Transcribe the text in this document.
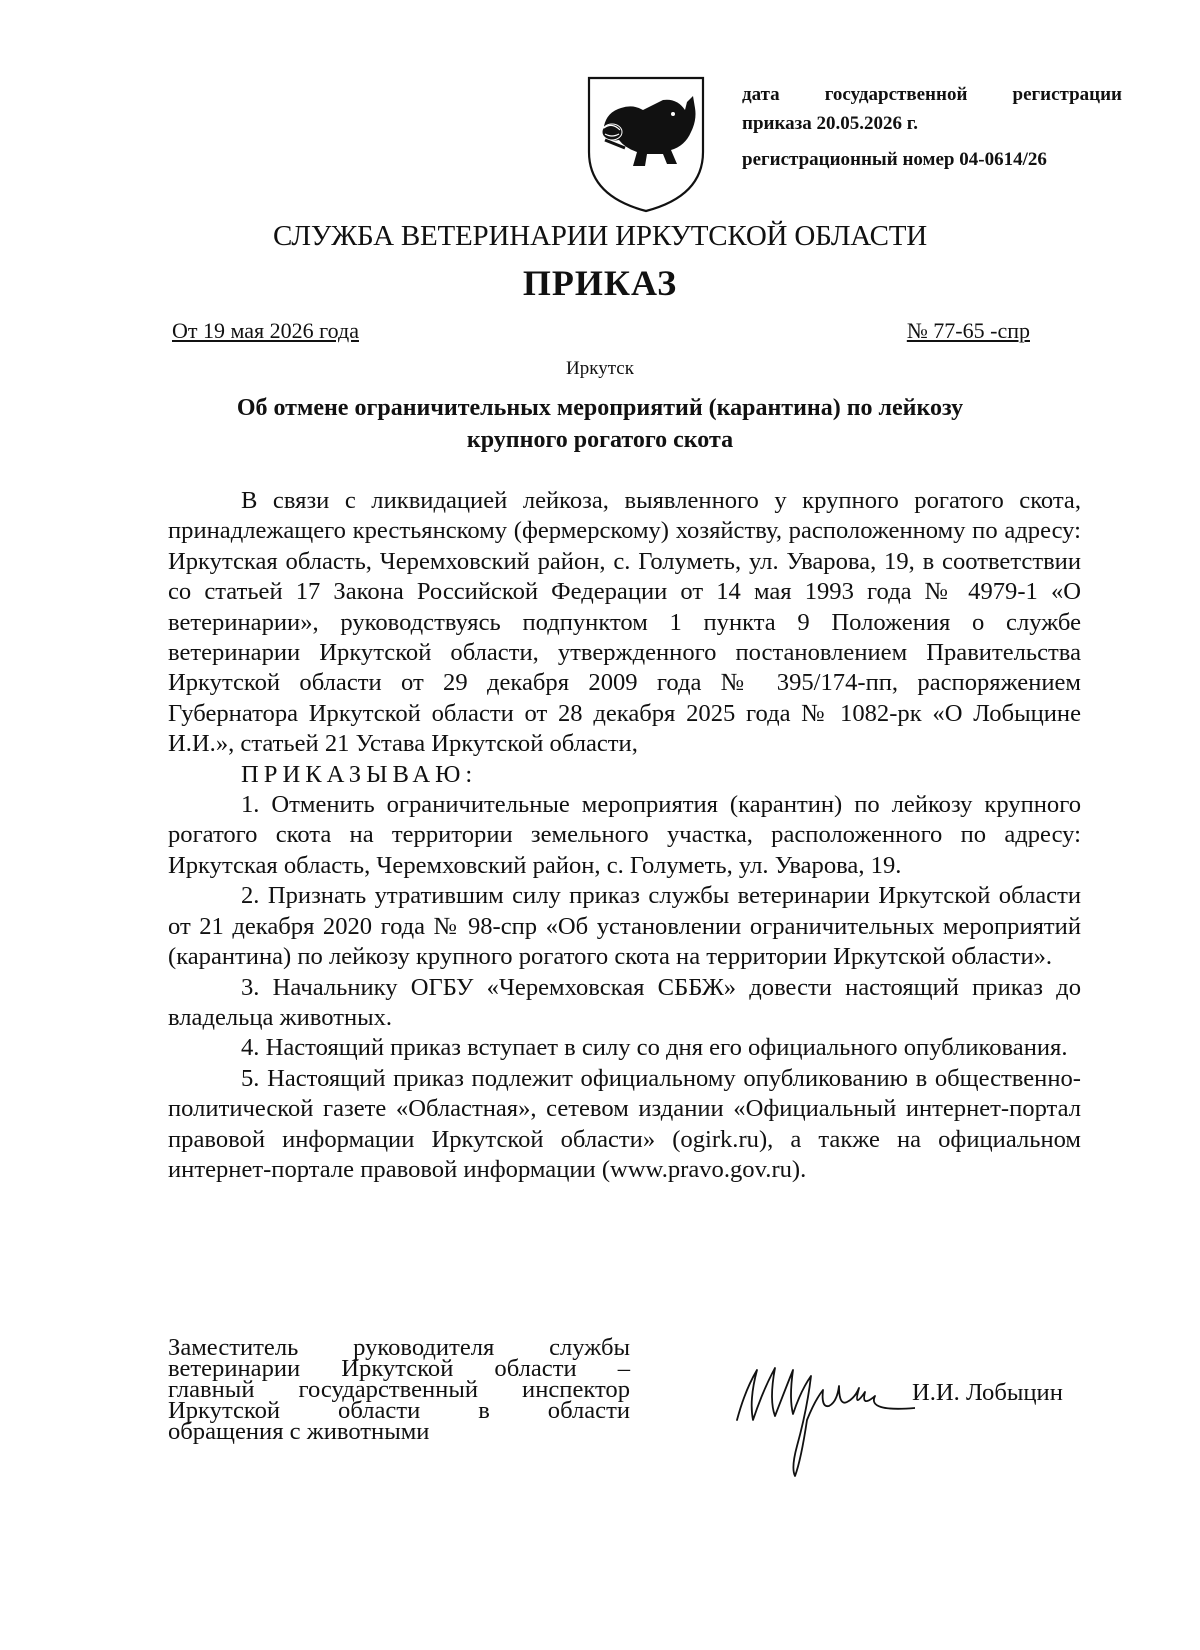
дата государственной регистрации
приказа 20.05.2026 г.
регистрационный номер 04-0614/26
СЛУЖБА ВЕТЕРИНАРИИ ИРКУТСКОЙ ОБЛАСТИ
ПРИКАЗ
От 19 мая 2026 года	№ 77-65 -спр
Иркутск
Об отмене ограничительных мероприятий (карантина) по лейкозу
крупного рогатого скота

В связи с ликвидацией лейкоза, выявленного у крупного рогатого скота, принадлежащего крестьянскому (фермерскому) хозяйству, расположенному по адресу: Иркутская область, Черемховский район, с. Голуметь, ул. Уварова, 19, в соответствии со статьей 17 Закона Российской Федерации от 14 мая 1993 года № 4979-1 «О ветеринарии», руководствуясь подпунктом 1 пункта 9 Положения о службе ветеринарии Иркутской области, утвержденного постановлением Правительства Иркутской области от 29 декабря 2009 года № 395/174-пп, распоряжением Губернатора Иркутской области от 28 декабря 2025 года № 1082-рк «О Лобыцине И.И.», статьей 21 Устава Иркутской области,

ПРИКАЗЫВАЮ:

1. Отменить ограничительные мероприятия (карантин) по лейкозу крупного рогатого скота на территории земельного участка, расположенного по адресу: Иркутская область, Черемховский район, с. Голуметь, ул. Уварова, 19.

2. Признать утратившим силу приказ службы ветеринарии Иркутской области от 21 декабря 2020 года № 98-спр «Об установлении ограничительных мероприятий (карантина) по лейкозу крупного рогатого скота на территории Иркутской области».

3. Начальнику ОГБУ «Черемховская СББЖ» довести настоящий приказ до владельца животных.

4. Настоящий приказ вступает в силу со дня его официального опубликования.

5. Настоящий приказ подлежит официальному опубликованию в общественно-политической газете «Областная», сетевом издании «Официальный интернет-портал правовой информации Иркутской области» (ogirk.ru), а также на официальном интернет-портале правовой информации (www.pravo.gov.ru).

Заместитель руководителя службы
ветеринарии Иркутской области –
главный государственный инспектор
Иркутской области в области
обращения с животными
И.И. Лобыцин
